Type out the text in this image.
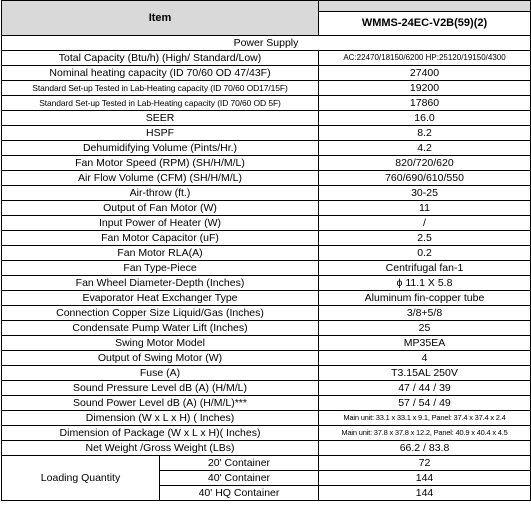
Item		WMMS-24EC-V2B(59)(2)

Power Supply		
Total Capacity (Btu/h) (High/ Standard/Low)		AC:22470/18150/6200 HP:25120/19150/4300
Nominal heating capacity (ID 70/60 OD 47/43F)		27400
Standard Set-up Tested in Lab-Heating capacity (ID 70/60 OD17/15F)		19200
Standard Set-up Tested in Lab-Heating capacity (ID 70/60 OD 5F)		17860
SEER		16.0
HSPF		8.2
Dehumidifying Volume (Pints/Hr.)		4.2
Fan Motor Speed (RPM) (SH/H/M/L)		820/720/620
Air Flow Volume (CFM) (SH/H/M/L)		760/690/610/550
Air-throw (ft.)		30-25
Output of Fan Motor (W)		11
Input Power of Heater (W)		/
Fan Motor Capacitor (uF)		2.5
Fan Motor RLA(A)		0.2
Fan Type-Piece		Centrifugal fan-1
Fan Wheel Diameter-Depth (Inches)		ϕ 11.1 X 5.8
Evaporator Heat Exchanger Type		Aluminum fin-copper tube
Connection Copper Size Liquid/Gas (Inches)		3/8+5/8
Condensate Pump Water Lift (Inches)		25
Swing Motor Model		MP35EA
Output of Swing Motor (W)		4
Fuse (A)		T3.15AL 250V
Sound Pressure Level dB (A) (H/M/L)		47 / 44 / 39
Sound Power Level dB (A) (H/M/L)***		57 / 54 / 49
Dimension (W x L x H) ( Inches)		Main unit: 33.1 x 33.1 x 9.1, Panel: 37.4 x 37.4 x 2.4
Dimension of Package (W x L x H)( Inches)		Main unit: 37.8 x 37.8 x 12.2, Panel: 40.9 x 40.4 x 4.5
Net Weight /Gross Weight (LBs)		66.2 / 83.8
Loading Quantity	20' Container	72
	40' Container	144
	40' HQ Container	144
